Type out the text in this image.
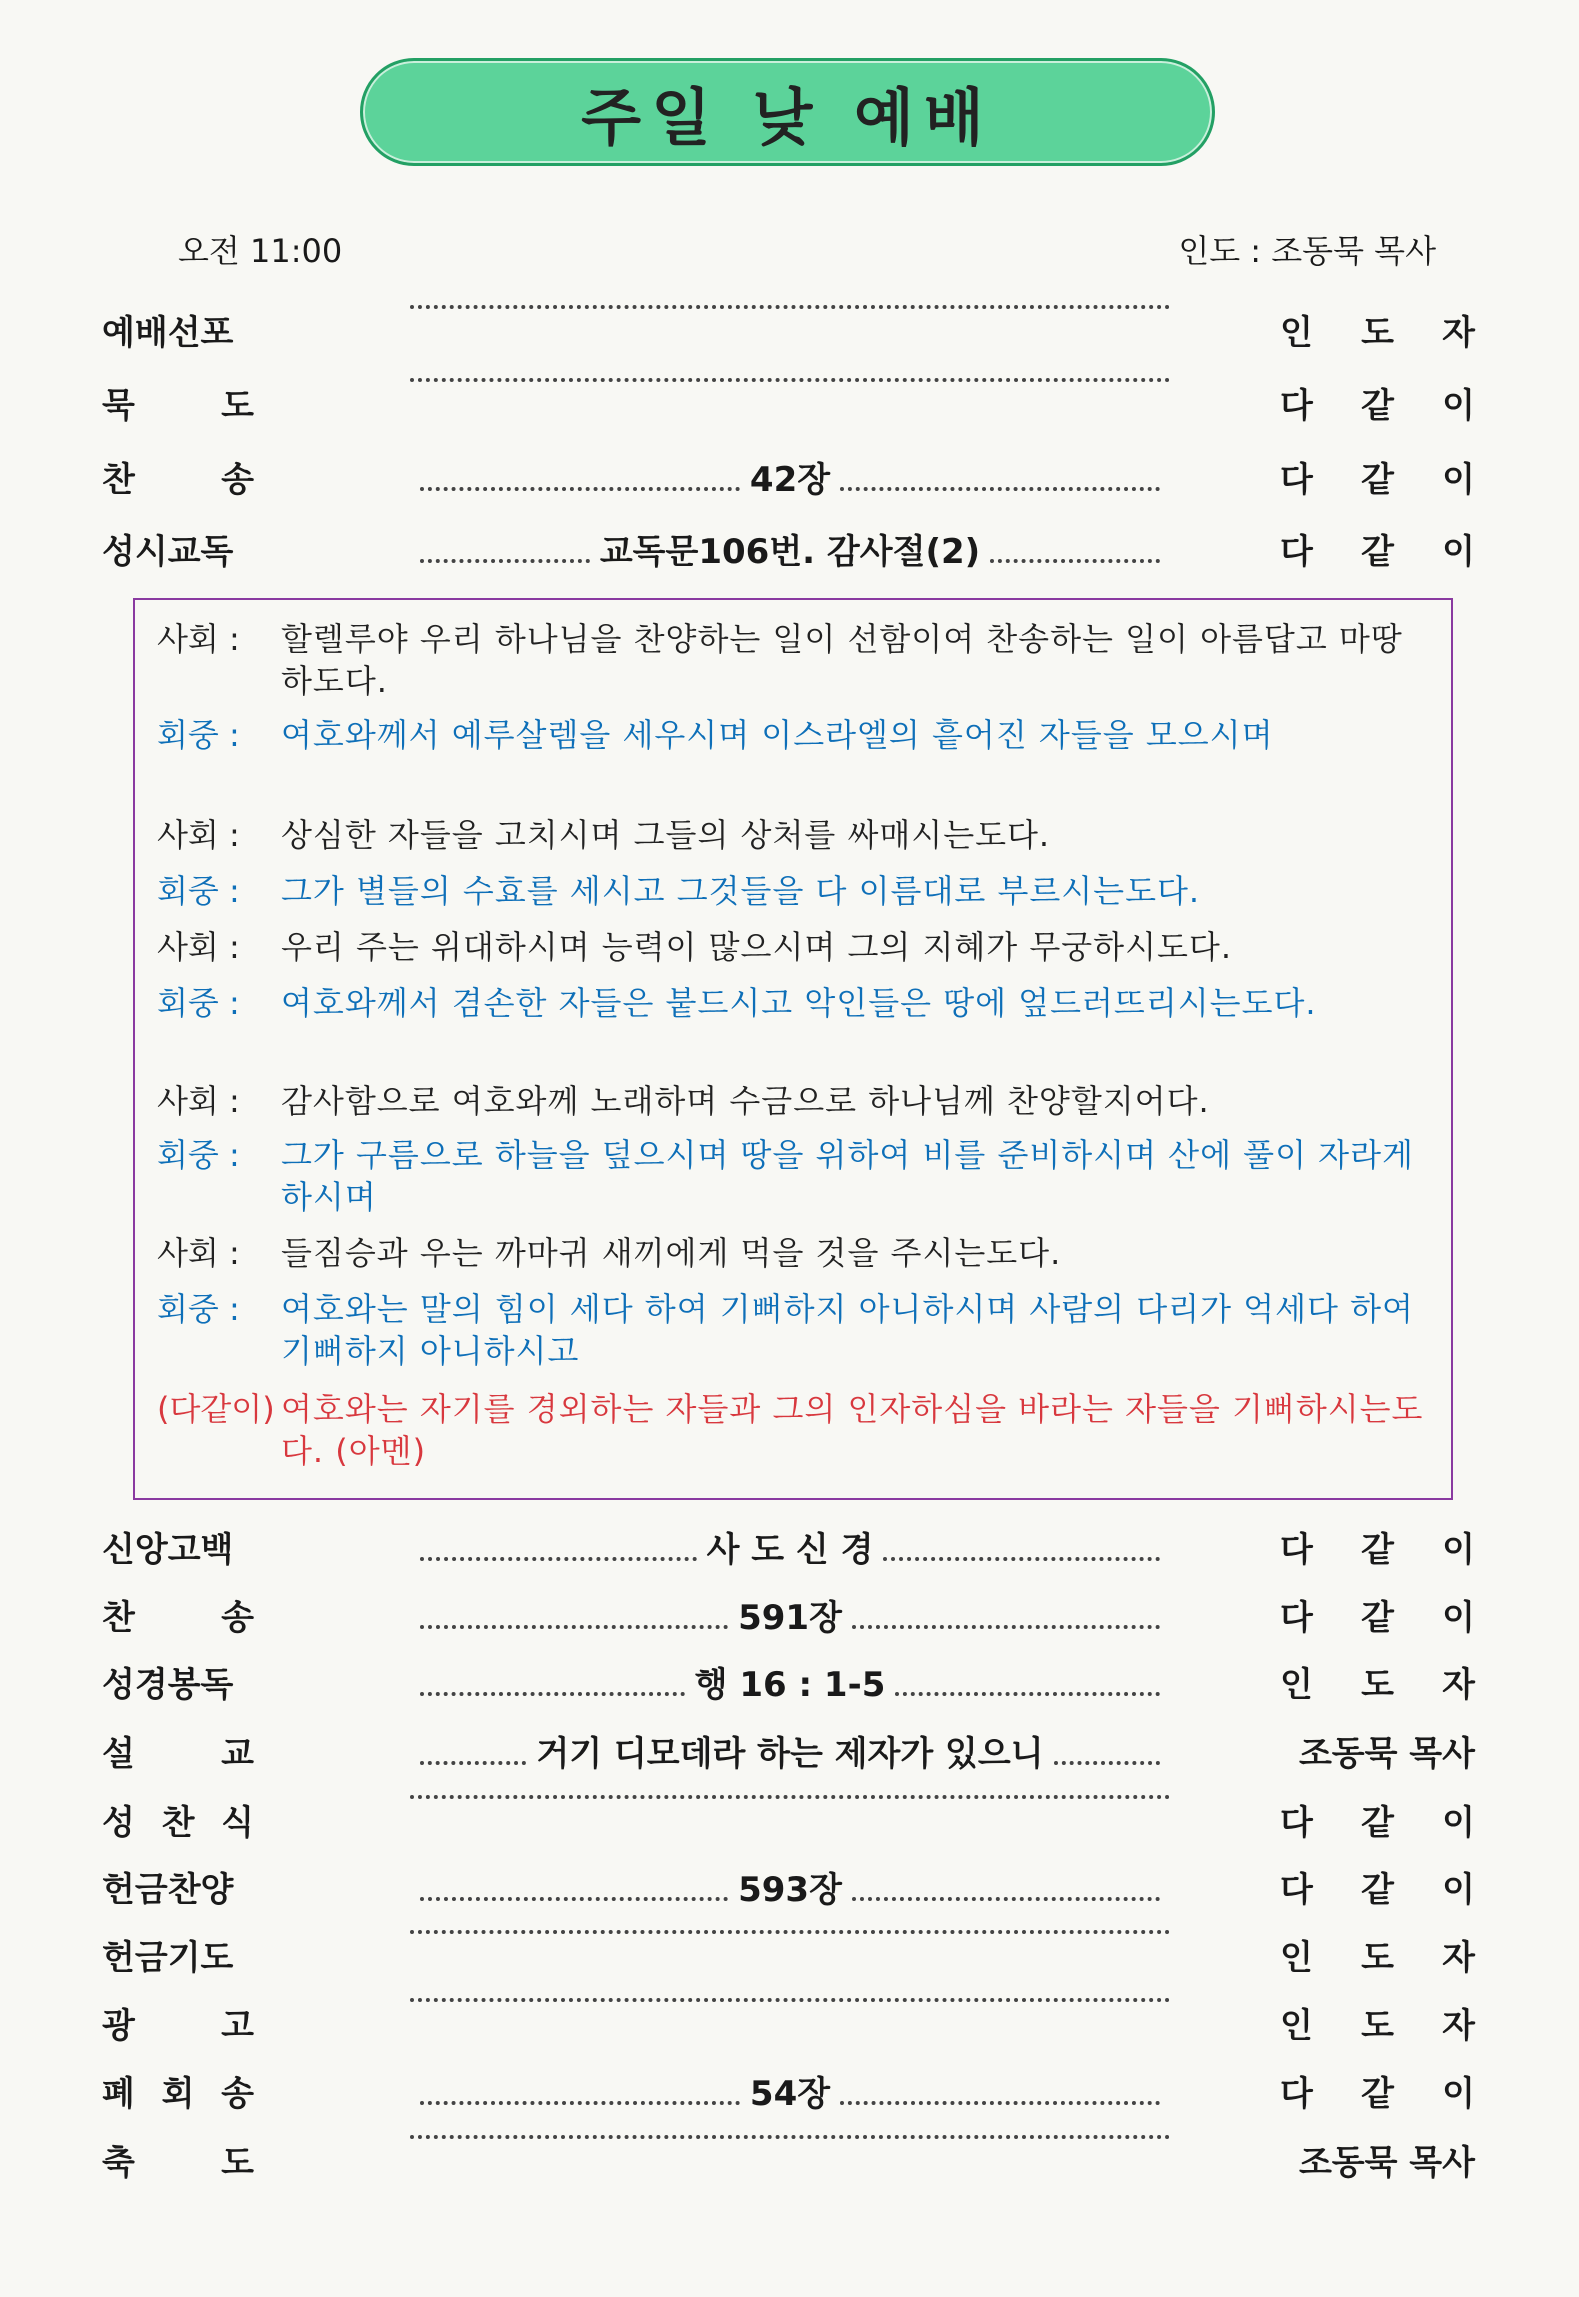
주일 낮 예배
오전 11:00	인도 : 조동묵 목사
예배선포	인 도 자
묵	도	다 같 이
찬	송	42장	다 같 이
성시교독	교독문106번. 감사절(2)	다 같 이
사회 :	할렐루야 우리 하나님을 찬양하는 일이 선함이여 찬송하는 일이 아름답고 마땅하도다.
회중 :	여호와께서 예루살렘을 세우시며 이스라엘의 흩어진 자들을 모으시며
사회 :	상심한 자들을 고치시며 그들의 상처를 싸매시는도다.
회중 :	그가 별들의 수효를 세시고 그것들을 다 이름대로 부르시는도다.
사회 :	우리 주는 위대하시며 능력이 많으시며 그의 지혜가 무궁하시도다.
회중 :	여호와께서 겸손한 자들은 붙드시고 악인들은 땅에 엎드러뜨리시는도다.
사회 :	감사함으로 여호와께 노래하며 수금으로 하나님께 찬양할지어다.
회중 :	그가 구름으로 하늘을 덮으시며 땅을 위하여 비를 준비하시며 산에 풀이 자라게 하시며
사회 :	들짐승과 우는 까마귀 새끼에게 먹을 것을 주시는도다.
회중 :	여호와는 말의 힘이 세다 하여 기뻐하지 아니하시며 사람의 다리가 억세다 하여 기뻐하지 아니하시고
(다같이) 여호와는 자기를 경외하는 자들과 그의 인자하심을 바라는 자들을 기뻐하시는도다. (아멘)
신앙고백	사 도 신 경	다 같 이
찬	송	591장	다 같 이
성경봉독	행 16 : 1-5	인 도 자
설	교	거기 디모데라 하는 제자가 있으니	조동묵 목사
성 찬 식	다 같 이
헌금찬양	593장	다 같 이
헌금기도	인 도 자
광	고	인 도 자
폐 회 송	54장	다 같 이
축	도	조동묵 목사
